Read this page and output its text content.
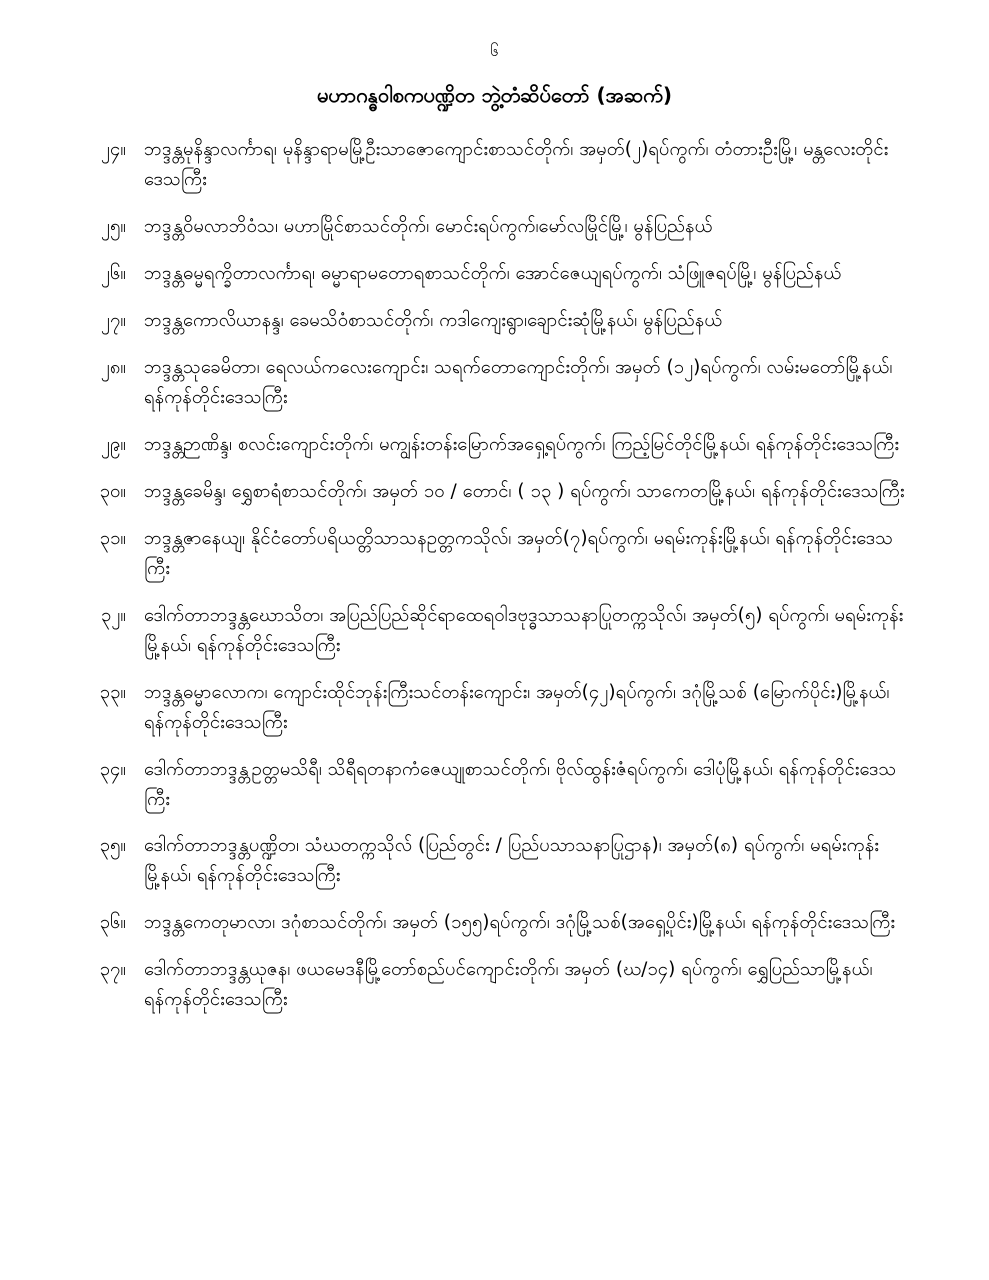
၆
မဟာဂန္ဓဝါစကပဏ္ဍိတ ဘွဲ့တံဆိပ်တော် (အဆက်)
၂၄။ ဘဒ္ဒန္တမုနိန္ဒာလင်္ကာရ၊ မုနိန္ဒာရာမမြို့ဦးသာဇောကျောင်းစာသင်တိုက်၊ အမှတ်(၂)ရပ်ကွက်၊ တံတားဦးမြို့၊ မန္တလေးတိုင်းဒေသကြီး
၂၅။ ဘဒ္ဒန္တဝိမလာဘိဝံသ၊ မဟာမြိုင်စာသင်တိုက်၊ မောင်းရပ်ကွက်၊မော်လမြိုင်မြို့၊ မွန်ပြည်နယ်
၂၆။ ဘဒ္ဒန္တဓမ္မရက္ခိတာလင်္ကာရ၊ ဓမ္မာရာမတောရစာသင်တိုက်၊ အောင်ဇေယျရပ်ကွက်၊ သံဖြူဇရပ်မြို့၊ မွန်ပြည်နယ်
၂၇။ ဘဒ္ဒန္တကောလိယာနန္ဒ၊ ခေမသိဝံစာသင်တိုက်၊ ကဒါကျေးရွာ၊ချောင်းဆုံမြို့နယ်၊ မွန်ပြည်နယ်
၂၈။ ဘဒ္ဒန္တသုခေမိတာ၊ ရေလယ်ကလေးကျောင်း၊ သရက်တောကျောင်းတိုက်၊ အမှတ် (၁၂)ရပ်ကွက်၊ လမ်းမတော်မြို့နယ်၊ ရန်ကုန်တိုင်းဒေသကြီး
၂၉။ ဘဒ္ဒန္တဉာဏိန္ဒ၊ စလင်းကျောင်းတိုက်၊ မကျွန်းတန်းမြောက်အရှေ့ရပ်ကွက်၊ ကြည့်မြင်တိုင်မြို့နယ်၊ ရန်ကုန်တိုင်းဒေသကြီး
၃၀။ ဘဒ္ဒန္တခေမိန္ဒ၊ ရွှေစာရံစာသင်တိုက်၊ အမှတ် ၁၀ / တောင်၊ ( ၁၃ ) ရပ်ကွက်၊ သာကေတမြို့နယ်၊ ရန်ကုန်တိုင်းဒေသကြီး
၃၁။ ဘဒ္ဒန္တဇာနေယျ၊ နိုင်ငံတော်ပရိယတ္တိသာသနဥတ္တကသိုလ်၊ အမှတ်(၇)ရပ်ကွက်၊ မရမ်းကုန်းမြို့နယ်၊ ရန်ကုန်တိုင်းဒေသကြီး
၃၂။ ဒေါက်တာဘဒ္ဒန္တဃောသိတ၊ အပြည်ပြည်ဆိုင်ရာထေရဝါဒဗုဒ္ဓသာသနာပြုတက္ကသိုလ်၊ အမှတ်(၅) ရပ်ကွက်၊ မရမ်းကုန်းမြို့နယ်၊ ရန်ကုန်တိုင်းဒေသကြီး
၃၃။ ဘဒ္ဒန္တဓမ္မာလောက၊ ကျောင်းထိုင်ဘုန်းကြီးသင်တန်းကျောင်း၊ အမှတ်(၄၂)ရပ်ကွက်၊ ဒဂုံမြို့သစ် (မြောက်ပိုင်း)မြို့နယ်၊ ရန်ကုန်တိုင်းဒေသကြီး
၃၄။ ဒေါက်တာဘဒ္ဒန္တဥတ္တမသိရီ၊ သိရီရတနာကံဇေယျုစာသင်တိုက်၊ ဗိုလ်ထွန်းဇံရပ်ကွက်၊ ဒေါပုံမြို့နယ်၊ ရန်ကုန်တိုင်းဒေသကြီး
၃၅။ ဒေါက်တာဘဒ္ဒန္တပဏ္ဍိတ၊ သံဃတက္ကသိုလ် (ပြည်တွင်း / ပြည်ပသာသနာပြုဌာန)၊ အမှတ်(၈) ရပ်ကွက်၊ မရမ်းကုန်းမြို့နယ်၊ ရန်ကုန်တိုင်းဒေသကြီး
၃၆။ ဘဒ္ဒန္တကေတုမာလာ၊ ဒဂုံစာသင်တိုက်၊ အမှတ် (၁၅၅)ရပ်ကွက်၊ ဒဂုံမြို့သစ်(အရှေ့ပိုင်း)မြို့နယ်၊ ရန်ကုန်တိုင်းဒေသကြီး
၃၇။ ဒေါက်တာဘဒ္ဒန္တယုဇန၊ ဖယမေဒနီမြို့တော်စည်ပင်ကျောင်းတိုက်၊ အမှတ် (ဃ/၁၄) ရပ်ကွက်၊ ရွှေပြည်သာမြို့နယ်၊ ရန်ကုန်တိုင်းဒေသကြီး
